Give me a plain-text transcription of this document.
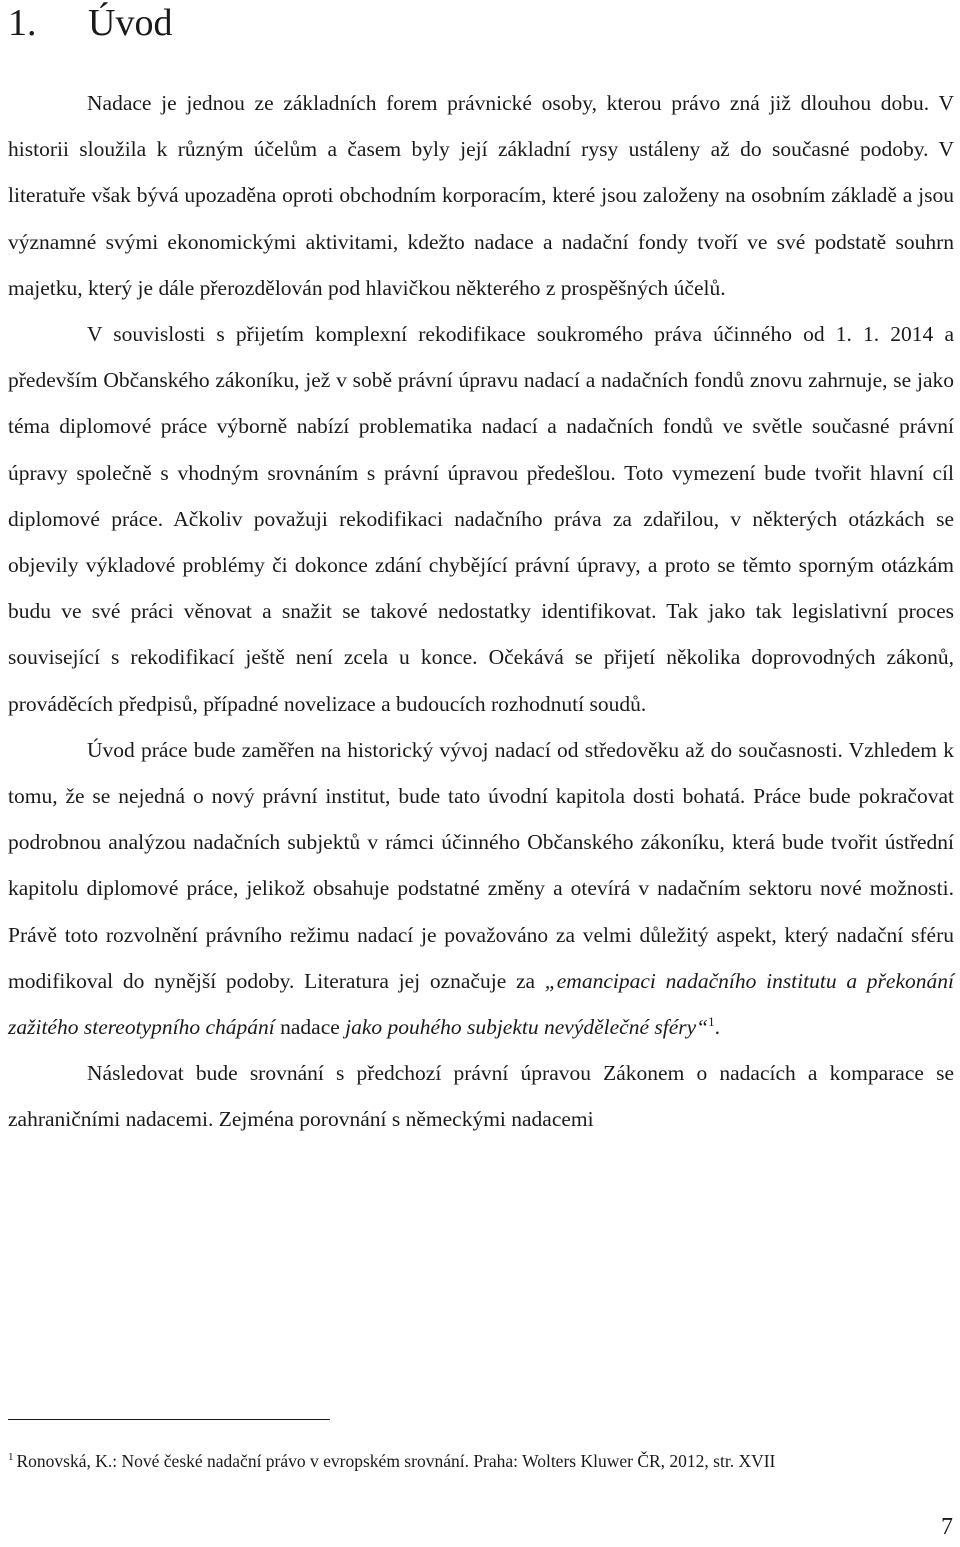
1. Úvod

Nadace je jednou ze základních forem právnické osoby, kterou právo zná již dlouhou dobu. V historii sloužila k různým účelům a časem byly její základní rysy ustáleny až do současné podoby. V literatuře však bývá upozaděna oproti obchodním korporacím, které jsou založeny na osobním základě a jsou významné svými ekonomickými aktivitami, kdežto nadace a nadační fondy tvoří ve své podstatě souhrn majetku, který je dále přerozdělován pod hlavičkou některého z prospěšných účelů.

V souvislosti s přijetím komplexní rekodifikace soukromého práva účinného od 1. 1. 2014 a především Občanského zákoníku, jež v sobě právní úpravu nadací a nadačních fondů znovu zahrnuje, se jako téma diplomové práce výborně nabízí problematika nadací a nadačních fondů ve světle současné právní úpravy společně s vhodným srovnáním s právní úpravou předešlou. Toto vymezení bude tvořit hlavní cíl diplomové práce. Ačkoliv považuji rekodifikaci nadačního práva za zdařilou, v některých otázkách se objevily výkladové problémy či dokonce zdání chybějící právní úpravy, a proto se těmto sporným otázkám budu ve své práci věnovat a snažit se takové nedostatky identifikovat. Tak jako tak legislativní proces související s rekodifikací ještě není zcela u konce. Očekává se přijetí několika doprovodných zákonů, prováděcích předpisů, případné novelizace a budoucích rozhodnutí soudů.

Úvod práce bude zaměřen na historický vývoj nadací od středověku až do současnosti. Vzhledem k tomu, že se nejedná o nový právní institut, bude tato úvodní kapitola dosti bohatá. Práce bude pokračovat podrobnou analýzou nadačních subjektů v rámci účinného Občanského zákoníku, která bude tvořit ústřední kapitolu diplomové práce, jelikož obsahuje podstatné změny a otevírá v nadačním sektoru nové možnosti. Právě toto rozvolnění právního režimu nadací je považováno za velmi důležitý aspekt, který nadační sféru modifikoval do nynější podoby. Literatura jej označuje za „emancipaci nadačního institutu a překonání zažitého stereotypního chápání nadace jako pouhého subjektu nevýdělečné sféry“$^1$.

Následovat bude srovnání s předchozí právní úpravou Zákonem o nadacích a komparace se zahraničními nadacemi. Zejména porovnání s německými nadacemi

$^1$ Ronovská, K.: Nové české nadační právo v evropském srovnání. Praha: Wolters Kluwer ČR, 2012, str. XVII
7
